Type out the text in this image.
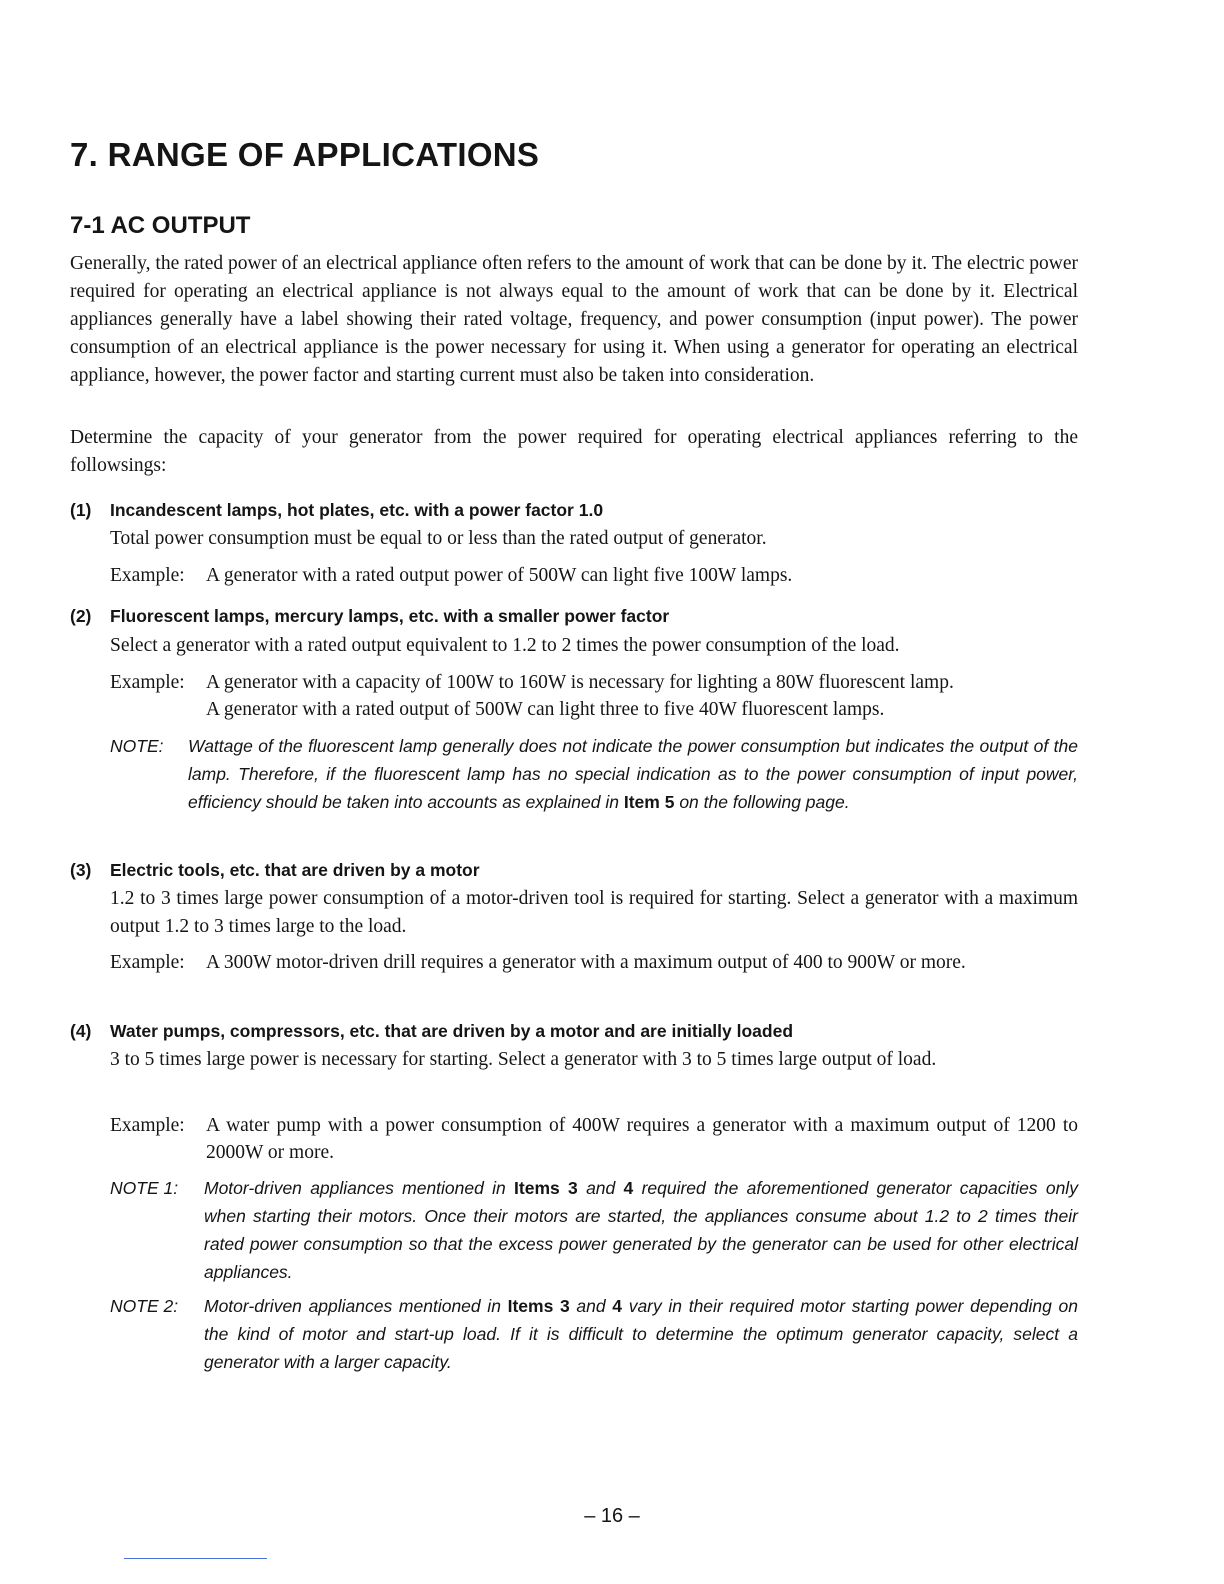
7. RANGE OF APPLICATIONS
7-1 AC OUTPUT

Generally, the rated power of an electrical appliance often refers to the amount of work that can be done by it. The electric power required for operating an electrical appliance is not always equal to the amount of work that can be done by it. Electrical appliances generally have a label showing their rated voltage, frequency, and power consumption (input power). The power consumption of an electrical appliance is the power necessary for using it. When using a generator for operating an electrical appliance, however, the power factor and starting current must also be taken into consideration.

Determine the capacity of your generator from the power required for operating electrical appliances referring to the followsings:

(1) Incandescent lamps, hot plates, etc. with a power factor 1.0

Total power consumption must be equal to or less than the rated output of generator.

Example: A generator with a rated output power of 500W can light five 100W lamps.
(2) Fluorescent lamps, mercury lamps, etc. with a smaller power factor

Select a generator with a rated output equivalent to 1.2 to 2 times the power consumption of the load.

Example: A generator with a capacity of 100W to 160W is necessary for lighting a 80W fluorescent lamp.
A generator with a rated output of 500W can light three to five 40W fluorescent lamps.
NOTE: Wattage of the fluorescent lamp generally does not indicate the power consumption but indicates the output of the lamp. Therefore, if the fluorescent lamp has no special indication as to the power consumption of input power, efficiency should be taken into accounts as explained in Item 5 on the following page.
(3) Electric tools, etc. that are driven by a motor

1.2 to 3 times large power consumption of a motor-driven tool is required for starting. Select a generator with a maximum output 1.2 to 3 times large to the load.

Example: A 300W motor-driven drill requires a generator with a maximum output of 400 to 900W or more.
(4) Water pumps, compressors, etc. that are driven by a motor and are initially loaded

3 to 5 times large power is necessary for starting. Select a generator with 3 to 5 times large output of load.

Example: A water pump with a power consumption of 400W requires a generator with a maximum output of 1200 to 2000W or more.
NOTE 1: Motor-driven appliances mentioned in Items 3 and 4 required the aforementioned generator capacities only when starting their motors. Once their motors are started, the appliances consume about 1.2 to 2 times their rated power consumption so that the excess power generated by the generator can be used for other electrical appliances.
NOTE 2: Motor-driven appliances mentioned in Items 3 and 4 vary in their required motor starting power depending on the kind of motor and start-up load. If it is difficult to determine the optimum generator capacity, select a generator with a larger capacity.
– 16 –
